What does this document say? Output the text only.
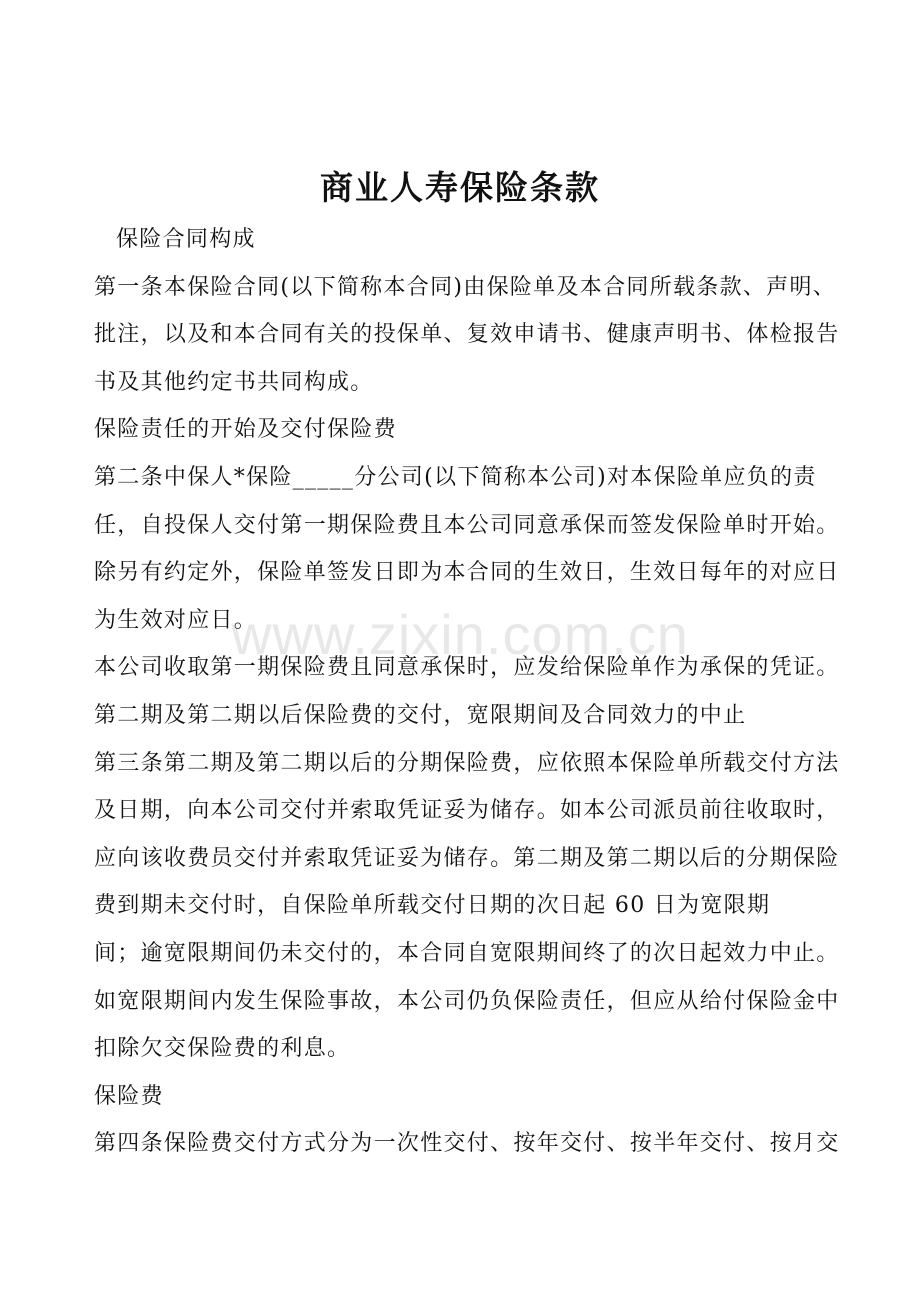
商业人寿保险条款
保险合同构成
第一条本保险合同(以下简称本合同)由保险单及本合同所载条款、声明、
批注，以及和本合同有关的投保单、复效申请书、健康声明书、体检报告
书及其他约定书共同构成。
保险责任的开始及交付保险费
第二条中保人*保险_____分公司(以下简称本公司)对本保险单应负的责
任，自投保人交付第一期保险费且本公司同意承保而签发保险单时开始。
除另有约定外，保险单签发日即为本合同的生效日，生效日每年的对应日
为生效对应日。
本公司收取第一期保险费且同意承保时，应发给保险单作为承保的凭证。
第二期及第二期以后保险费的交付，宽限期间及合同效力的中止
第三条第二期及第二期以后的分期保险费，应依照本保险单所载交付方法
及日期，向本公司交付并索取凭证妥为储存。如本公司派员前往收取时，
应向该收费员交付并索取凭证妥为储存。第二期及第二期以后的分期保险
费到期未交付时，自保险单所载交付日期的次日起 60 日为宽限期
间；逾宽限期间仍未交付的，本合同自宽限期间终了的次日起效力中止。
如宽限期间内发生保险事故，本公司仍负保险责任，但应从给付保险金中
扣除欠交保险费的利息。
保险费
第四条保险费交付方式分为一次性交付、按年交付、按半年交付、按月交
www.zixin.com.cn
